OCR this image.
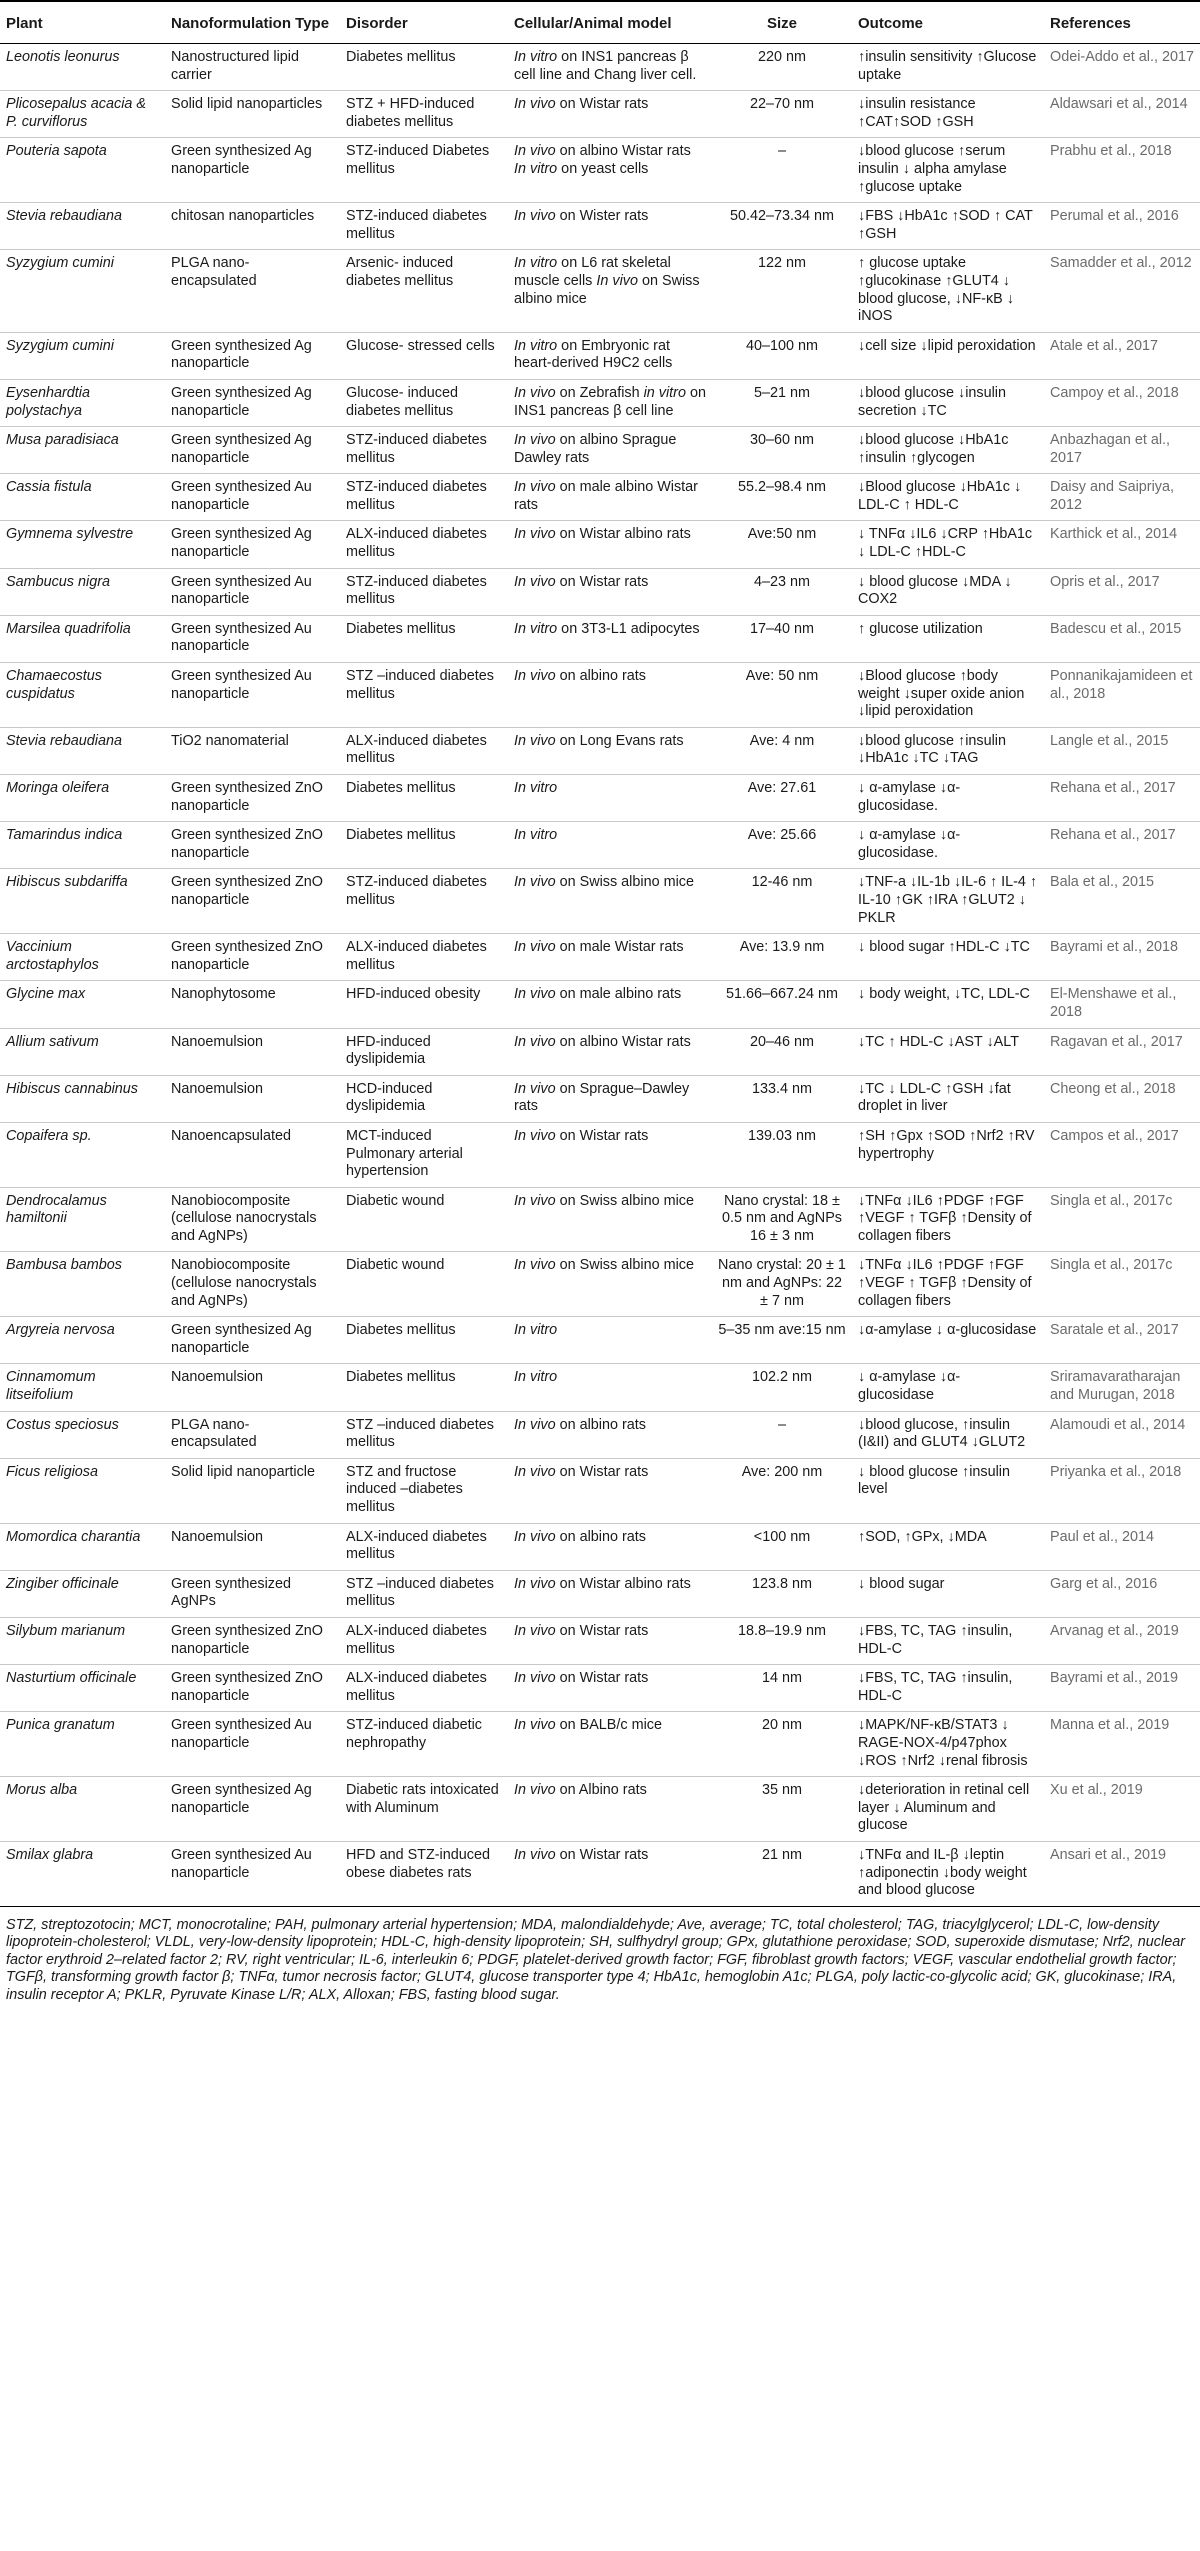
Plant	Nanoformulation Type	Disorder	Cellular/Animal model	Size	Outcome	References
Leonotis leonurus	Nanostructured lipid carrier	Diabetes mellitus	In vitro on INS1 pancreas β cell line and Chang liver cell.	220 nm	↑insulin sensitivity ↑Glucose uptake	Odei-Addo et al., 2017
Plicosepalus acacia & P. curviflorus	Solid lipid nanoparticles	STZ + HFD-induced diabetes mellitus	In vivo on Wistar rats	22–70 nm	↓insulin resistance ↑CAT↑SOD ↑GSH	Aldawsari et al., 2014
Pouteria sapota	Green synthesized Ag nanoparticle	STZ-induced Diabetes mellitus	In vivo on albino Wistar rats In vitro on yeast cells	–	↓blood glucose ↑serum insulin ↓ alpha amylase ↑glucose uptake	Prabhu et al., 2018
Stevia rebaudiana	chitosan nanoparticles	STZ-induced diabetes mellitus	In vivo on Wister rats	50.42–73.34 nm	↓FBS ↓HbA1c ↑SOD ↑ CAT ↑GSH	Perumal et al., 2016
Syzygium cumini	PLGA nano-encapsulated	Arsenic- induced diabetes mellitus	In vitro on L6 rat skeletal muscle cells In vivo on Swiss albino mice	122 nm	↑ glucose uptake ↑glucokinase ↑GLUT4 ↓ blood glucose, ↓NF-κB ↓ iNOS	Samadder et al., 2012
Syzygium cumini	Green synthesized Ag nanoparticle	Glucose- stressed cells	In vitro on Embryonic rat heart-derived H9C2 cells	40–100 nm	↓cell size ↓lipid peroxidation	Atale et al., 2017
Eysenhardtia polystachya	Green synthesized Ag nanoparticle	Glucose- induced diabetes mellitus	In vivo on Zebrafish in vitro on INS1 pancreas β cell line	5–21 nm	↓blood glucose ↓insulin secretion ↓TC	Campoy et al., 2018
Musa paradisiaca	Green synthesized Ag nanoparticle	STZ-induced diabetes mellitus	In vivo on albino Sprague Dawley rats	30–60 nm	↓blood glucose ↓HbA1c ↑insulin ↑glycogen	Anbazhagan et al., 2017
Cassia fistula	Green synthesized Au nanoparticle	STZ-induced diabetes mellitus	In vivo on male albino Wistar rats	55.2–98.4 nm	↓Blood glucose ↓HbA1c ↓ LDL-C ↑ HDL-C	Daisy and Saipriya, 2012
Gymnema sylvestre	Green synthesized Ag nanoparticle	ALX-induced diabetes mellitus	In vivo on Wistar albino rats	Ave:50 nm	↓ TNFα ↓IL6 ↓CRP ↑HbA1c ↓ LDL-C ↑HDL-C	Karthick et al., 2014
Sambucus nigra	Green synthesized Au nanoparticle	STZ-induced diabetes mellitus	In vivo on Wistar rats	4–23 nm	↓ blood glucose ↓MDA ↓ COX2	Opris et al., 2017
Marsilea quadrifolia	Green synthesized Au nanoparticle	Diabetes mellitus	In vitro on 3T3-L1 adipocytes	17–40 nm	↑ glucose utilization	Badescu et al., 2015
Chamaecostus cuspidatus	Green synthesized Au nanoparticle	STZ –induced diabetes mellitus	In vivo on albino rats	Ave: 50 nm	↓Blood glucose ↑body weight ↓super oxide anion ↓lipid peroxidation	Ponnanikajamideen et al., 2018
Stevia rebaudiana	TiO2 nanomaterial	ALX-induced diabetes mellitus	In vivo on Long Evans rats	Ave: 4 nm	↓blood glucose ↑insulin ↓HbA1c ↓TC ↓TAG	Langle et al., 2015
Moringa oleifera	Green synthesized ZnO nanoparticle	Diabetes mellitus	In vitro	Ave: 27.61	↓ α-amylase ↓α-glucosidase.	Rehana et al., 2017
Tamarindus indica	Green synthesized ZnO nanoparticle	Diabetes mellitus	In vitro	Ave: 25.66	↓ α-amylase ↓α-glucosidase.	Rehana et al., 2017
Hibiscus subdariffa	Green synthesized ZnO nanoparticle	STZ-induced diabetes mellitus	In vivo on Swiss albino mice	12-46 nm	↓TNF-a ↓IL-1b ↓IL-6 ↑ IL-4 ↑ IL-10 ↑GK ↑IRA ↑GLUT2 ↓ PKLR	Bala et al., 2015
Vaccinium arctostaphylos	Green synthesized ZnO nanoparticle	ALX-induced diabetes mellitus	In vivo on male Wistar rats	Ave: 13.9 nm	↓ blood sugar ↑HDL-C ↓TC	Bayrami et al., 2018
Glycine max	Nanophytosome	HFD-induced obesity	In vivo on male albino rats	51.66–667.24 nm	↓ body weight, ↓TC, LDL-C	El-Menshawe et al., 2018
Allium sativum	Nanoemulsion	HFD-induced dyslipidemia	In vivo on albino Wistar rats	20–46 nm	↓TC ↑ HDL-C ↓AST ↓ALT	Ragavan et al., 2017
Hibiscus cannabinus	Nanoemulsion	HCD-induced dyslipidemia	In vivo on Sprague–Dawley rats	133.4 nm	↓TC ↓ LDL-C ↑GSH ↓fat droplet in liver	Cheong et al., 2018
Copaifera sp.	Nanoencapsulated	MCT-induced Pulmonary arterial hypertension	In vivo on Wistar rats	139.03 nm	↑SH ↑Gpx ↑SOD ↑Nrf2 ↑RV hypertrophy	Campos et al., 2017
Dendrocalamus hamiltonii	Nanobiocomposite (cellulose nanocrystals and AgNPs)	Diabetic wound	In vivo on Swiss albino mice	Nano crystal: 18 ± 0.5 nm and AgNPs 16 ± 3 nm	↓TNFα ↓IL6 ↑PDGF ↑FGF ↑VEGF ↑ TGFβ ↑Density of collagen fibers	Singla et al., 2017c
Bambusa bambos	Nanobiocomposite (cellulose nanocrystals and AgNPs)	Diabetic wound	In vivo on Swiss albino mice	Nano crystal: 20 ± 1 nm and AgNPs: 22 ± 7 nm	↓TNFα ↓IL6 ↑PDGF ↑FGF ↑VEGF ↑ TGFβ ↑Density of collagen fibers	Singla et al., 2017c
Argyreia nervosa	Green synthesized Ag nanoparticle	Diabetes mellitus	In vitro	5–35 nm ave:15 nm	↓α-amylase ↓ α-glucosidase	Saratale et al., 2017
Cinnamomum litseifolium	Nanoemulsion	Diabetes mellitus	In vitro	102.2 nm	↓ α-amylase ↓α- glucosidase	Sriramavaratharajan and Murugan, 2018
Costus speciosus	PLGA nano-encapsulated	STZ –induced diabetes mellitus	In vivo on albino rats	–	↓blood glucose, ↑insulin (I&II) and GLUT4 ↓GLUT2	Alamoudi et al., 2014
Ficus religiosa	Solid lipid nanoparticle	STZ and fructose induced –diabetes mellitus	In vivo on Wistar rats	Ave: 200 nm	↓ blood glucose ↑insulin level	Priyanka et al., 2018
Momordica charantia	Nanoemulsion	ALX-induced diabetes mellitus	In vivo on albino rats	<100 nm	↑SOD, ↑GPx, ↓MDA	Paul et al., 2014
Zingiber officinale	Green synthesized AgNPs	STZ –induced diabetes mellitus	In vivo on Wistar albino rats	123.8 nm	↓ blood sugar	Garg et al., 2016
Silybum marianum	Green synthesized ZnO nanoparticle	ALX-induced diabetes mellitus	In vivo on Wistar rats	18.8–19.9 nm	↓FBS, TC, TAG ↑insulin, HDL-C	Arvanag et al., 2019
Nasturtium officinale	Green synthesized ZnO nanoparticle	ALX-induced diabetes mellitus	In vivo on Wistar rats	14 nm	↓FBS, TC, TAG ↑insulin, HDL-C	Bayrami et al., 2019
Punica granatum	Green synthesized Au nanoparticle	STZ-induced diabetic nephropathy	In vivo on BALB/c mice	20 nm	↓MAPK/NF-κB/STAT3 ↓ RAGE-NOX-4/p47phox ↓ROS ↑Nrf2 ↓renal fibrosis	Manna et al., 2019
Morus alba	Green synthesized Ag nanoparticle	Diabetic rats intoxicated with Aluminum	In vivo on Albino rats	35 nm	↓deterioration in retinal cell layer ↓ Aluminum and glucose	Xu et al., 2019
Smilax glabra	Green synthesized Au nanoparticle	HFD and STZ-induced obese diabetes rats	In vivo on Wistar rats	21 nm	↓TNFα and IL-β ↓leptin ↑adiponectin ↓body weight and blood glucose	Ansari et al., 2019
STZ, streptozotocin; MCT, monocrotaline; PAH, pulmonary arterial hypertension; MDA, malondialdehyde; Ave, average; TC, total cholesterol; TAG, triacylglycerol; LDL-C, low-density lipoprotein-cholesterol; VLDL, very-low-density lipoprotein; HDL-C, high-density lipoprotein; SH, sulfhydryl group; GPx, glutathione peroxidase; SOD, superoxide dismutase; Nrf2, nuclear factor erythroid 2–related factor 2; RV, right ventricular; IL-6, interleukin 6; PDGF, platelet-derived growth factor; FGF, fibroblast growth factors; VEGF, vascular endothelial growth factor; TGFβ, transforming growth factor β; TNFα, tumor necrosis factor; GLUT4, glucose transporter type 4; HbA1c, hemoglobin A1c; PLGA, poly lactic-co-glycolic acid; GK, glucokinase; IRA, insulin receptor A; PKLR, Pyruvate Kinase L/R; ALX, Alloxan; FBS, fasting blood sugar.
